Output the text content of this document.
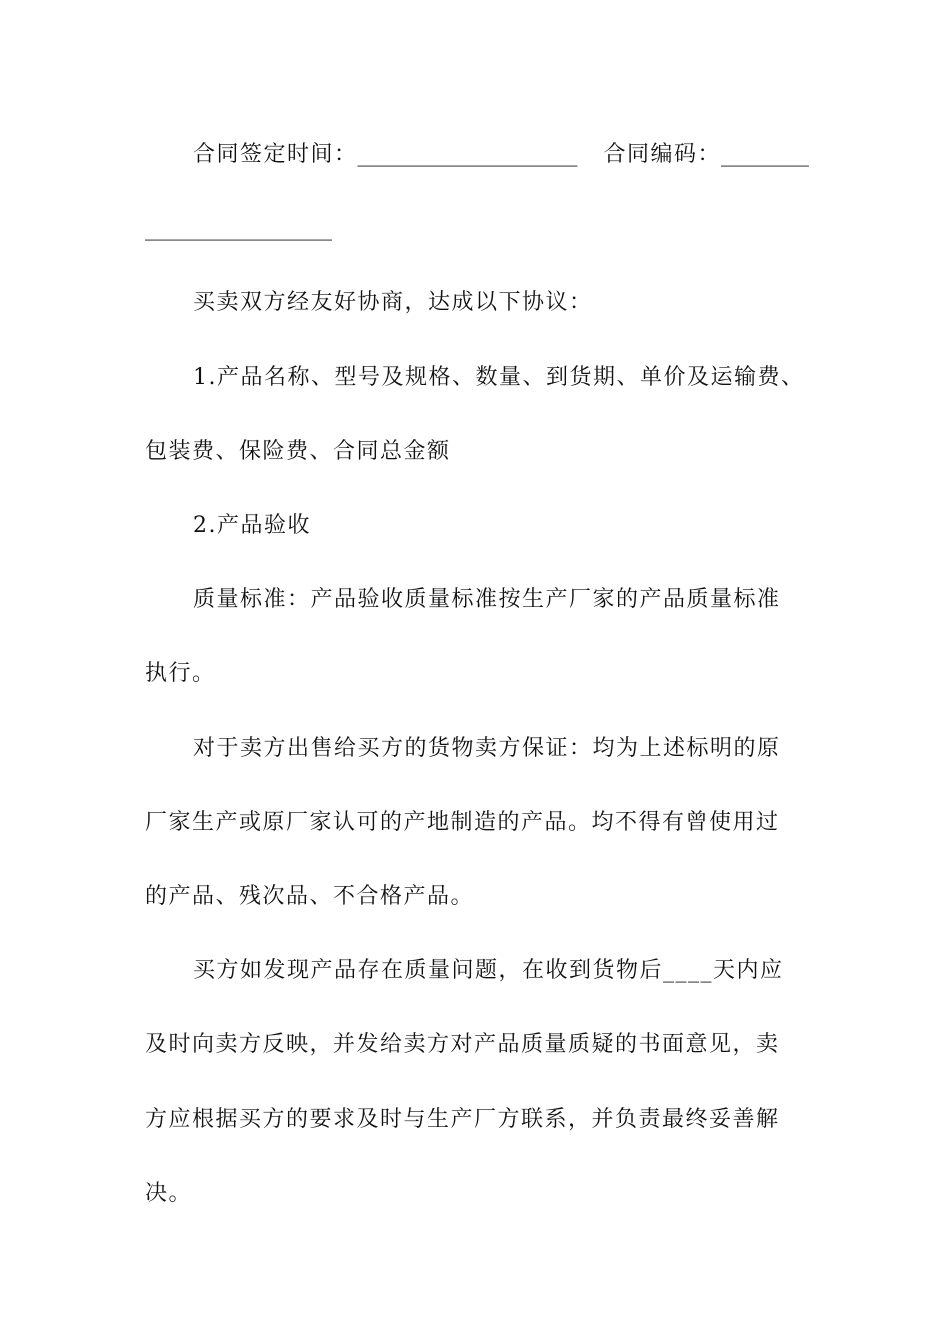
合同签定时间：____________________ 合同编码：________
_________________
买卖双方经友好协商，达成以下协议：
1.产品名称、型号及规格、数量、到货期、单价及运输费、
包装费、保险费、合同总金额
2.产品验收
质量标准：产品验收质量标准按生产厂家的产品质量标准
执行。
对于卖方出售给买方的货物卖方保证：均为上述标明的原
厂家生产或原厂家认可的产地制造的产品。均不得有曾使用过
的产品、残次品、不合格产品。
买方如发现产品存在质量问题，在收到货物后____天内应
及时向卖方反映，并发给卖方对产品质量质疑的书面意见，卖
方应根据买方的要求及时与生产厂方联系，并负责最终妥善解
决。
